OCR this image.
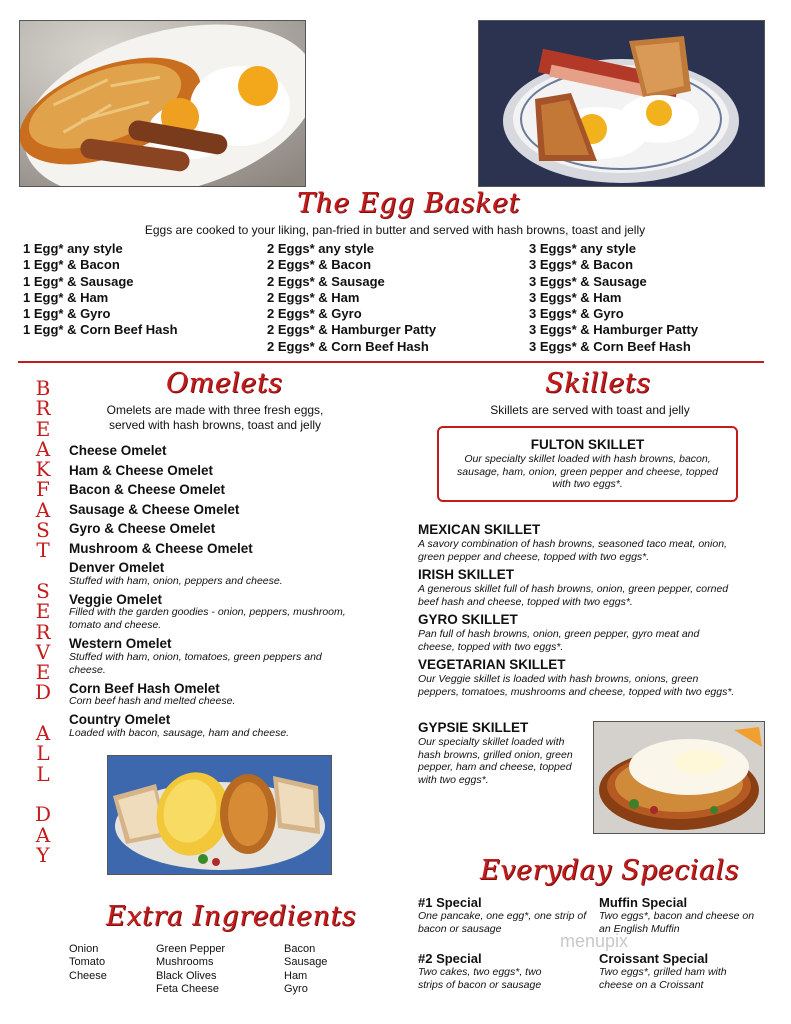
The Egg Basket
Eggs are cooked to your liking, pan-fried in butter and served with hash browns, toast and jelly
1 Egg* any style
1 Egg* & Bacon
1 Egg* & Sausage
1 Egg* & Ham
1 Egg* & Gyro
1 Egg* & Corn Beef Hash
2 Eggs* any style
2 Eggs* & Bacon
2 Eggs* & Sausage
2 Eggs* & Ham
2 Eggs* & Gyro
2 Eggs* & Hamburger Patty
2 Eggs* & Corn Beef Hash
3 Eggs* any style
3 Eggs* & Bacon
3 Eggs* & Sausage
3 Eggs* & Ham
3 Eggs* & Gyro
3 Eggs* & Hamburger Patty
3 Eggs* & Corn Beef Hash
B
R
E
A
K
F
A
S
T
S
E
R
V
E
D
A
L
L
D
A
Y
Omelets
Omelets are made with three fresh eggs,
served with hash browns, toast and jelly
Cheese Omelet
Ham & Cheese Omelet
Bacon & Cheese Omelet
Sausage & Cheese Omelet
Gyro & Cheese Omelet
Mushroom & Cheese Omelet
Denver Omelet
Stuffed with ham, onion, peppers and cheese.
Veggie Omelet
Filled with the garden goodies - onion, peppers, mushroom, tomato and cheese.
Western Omelet
Stuffed with ham, onion, tomatoes, green peppers and cheese.
Corn Beef Hash Omelet
Corn beef hash and melted cheese.
Country Omelet
Loaded with bacon, sausage, ham and cheese.
Extra Ingredients
Onion
Tomato
Cheese
Green Pepper
Mushrooms
Black Olives
Feta Cheese
Bacon
Sausage
Ham
Gyro
Skillets
Skillets are served with toast and jelly
FULTON SKILLET
Our specialty skillet loaded with hash browns, bacon, sausage, ham, onion, green pepper and cheese, topped with two eggs*.
MEXICAN SKILLET
A savory combination of hash browns, seasoned taco meat, onion, green pepper and cheese, topped with two eggs*.
IRISH SKILLET
A generous skillet full of hash browns, onion, green pepper, corned beef hash and cheese, topped with two eggs*.
GYRO SKILLET
Pan full of hash browns, onion, green pepper, gyro meat and cheese, topped with two eggs*.
VEGETARIAN SKILLET
Our Veggie skillet is loaded with hash browns, onions, green peppers, tomatoes, mushrooms and cheese, topped with two eggs*.
GYPSIE SKILLET
Our specialty skillet loaded with hash browns, grilled onion, green pepper, ham and cheese, topped with two eggs*.
Everyday Specials
#1 Special
One pancake, one egg*, one strip of bacon or sausage
Muffin Special
Two eggs*, bacon and cheese on an English Muffin
#2 Special
Two cakes, two eggs*, two strips of bacon or sausage
Croissant Special
Two eggs*, grilled ham with cheese on a Croissant
menupix
